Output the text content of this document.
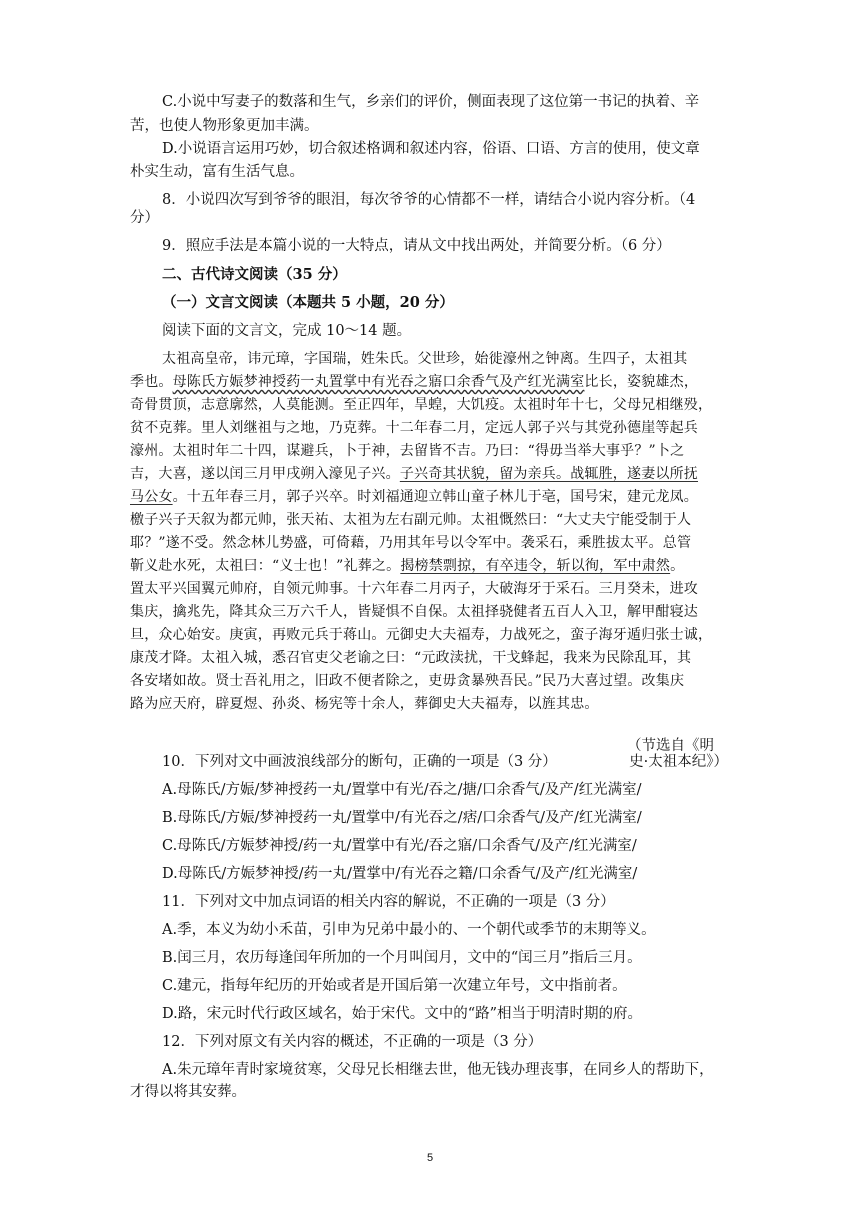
C.小说中写妻子的数落和生气，乡亲们的评价，侧面表现了这位第一书记的执着、辛
苦，也使人物形象更加丰满。
D.小说语言运用巧妙，切合叙述格调和叙述内容，俗语、口语、方言的使用，使文章
朴实生动，富有生活气息。
8．小说四次写到爷爷的眼泪，每次爷爷的心情都不一样，请结合小说内容分析。（4
分）
9．照应手法是本篇小说的一大特点，请从文中找出两处，并简要分析。（6 分）
二、古代诗文阅读（35 分）
（一）文言文阅读（本题共 5 小题，20 分）
阅读下面的文言文，完成 10～14 题。
太祖高皇帝，讳元璋，字国瑞，姓朱氏。父世珍，始徙濠州之钟离。生四子，太祖其
季也。母陈氏方娠梦神授药一丸置掌中有光吞之寤口余香气及产红光满室比长，姿貌雄杰，
奇骨贯顶，志意廓然，人莫能测。至正四年，旱蝗，大饥疫。太祖时年十七，父母兄相继殁，
贫不克葬。里人刘继祖与之地，乃克葬。十二年春二月，定远人郭子兴与其党孙德崖等起兵
濠州。太祖时年二十四，谋避兵，卜于神，去留皆不吉。乃曰：“得毋当举大事乎？”卜之
吉，大喜，遂以闰三月甲戌朔入濠见子兴。子兴奇其状貌，留为亲兵。战辄胜，遂妻以所抚
马公女。十五年春三月，郭子兴卒。时刘福通迎立韩山童子林儿于亳，国号宋，建元龙凤。
檄子兴子天叙为都元帅，张天祐、太祖为左右副元帅。太祖慨然曰：“大丈夫宁能受制于人
耶？”遂不受。然念林儿势盛，可倚藉，乃用其年号以令军中。袭采石，乘胜拔太平。总管
靳义赴水死，太祖曰：“义士也！”礼葬之。揭榜禁剽掠，有卒违令，斩以徇，军中肃然。
置太平兴国翼元帅府，自领元帅事。十六年春二月丙子，大破海牙于采石。三月癸未，进攻
集庆，擒兆先，降其众三万六千人，皆疑惧不自保。太祖择骁健者五百人入卫，解甲酣寝达
旦，众心始安。庚寅，再败元兵于蒋山。元御史大夫福寿，力战死之，蛮子海牙遁归张士诚，
康茂才降。太祖入城，悉召官吏父老谕之曰：“元政渎扰，干戈蜂起，我来为民除乱耳，其
各安堵如故。贤士吾礼用之，旧政不便者除之，吏毋贪暴殃吾民。”民乃大喜过望。改集庆
路为应天府，辟夏煜、孙炎、杨宪等十余人，葬御史大夫福寿，以旌其忠。
10．下列对文中画波浪线部分的断句，正确的一项是（3 分）
A.母陈氏/方娠/梦神授药一丸/置掌中有光/吞之/搪/口余香气/及产/红光满室/
B.母陈氏/方娠/梦神授药一丸/置掌中/有光吞之/痞/口余香气/及产/红光满室/
C.母陈氏/方娠梦神授/药一丸/置掌中有光/吞之寤/口余香气/及产/红光满室/
D.母陈氏/方娠梦神授/药一丸/置掌中/有光吞之籍/口余香气/及产/红光满室/
11．下列对文中加点词语的相关内容的解说，不正确的一项是（3 分）
A.季，本义为幼小禾苗，引申为兄弟中最小的、一个朝代或季节的末期等义。
B.闰三月，农历每逢闰年所加的一个月叫闰月，文中的“闰三月”指后三月。
C.建元，指每年纪历的开始或者是开国后第一次建立年号，文中指前者。
D.路，宋元时代行政区域名，始于宋代。文中的“路”相当于明清时期的府。
12．下列对原文有关内容的概述，不正确的一项是（3 分）
A.朱元璋年青时家境贫寒，父母兄长相继去世，他无钱办理丧事，在同乡人的帮助下，
才得以将其安葬。
（节选自《明
史·太祖本纪》）
5
